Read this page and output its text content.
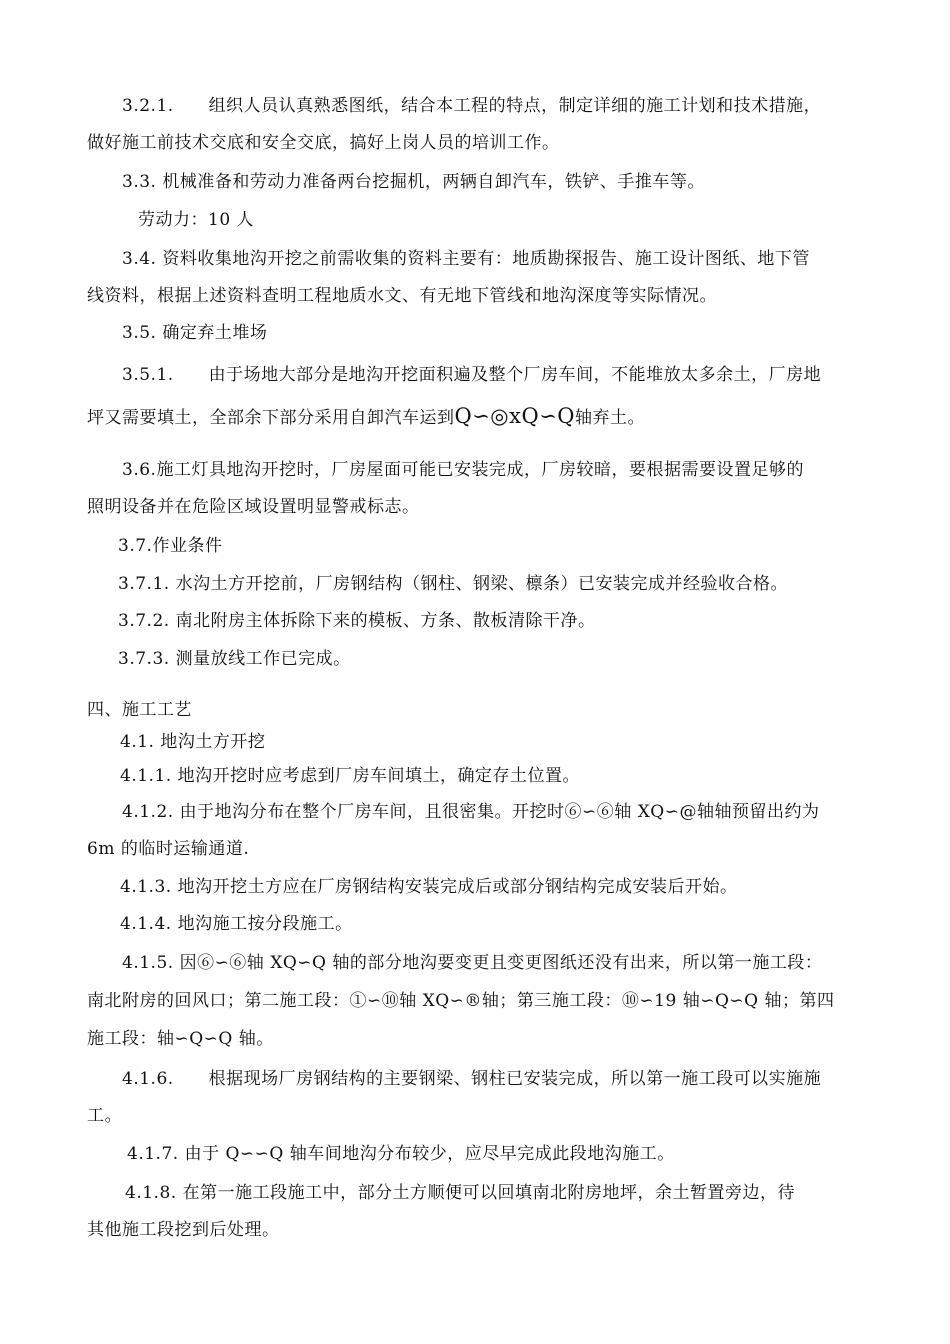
3.2.1.　　组织人员认真熟悉图纸，结合本工程的特点，制定详细的施工计划和技术措施，
做好施工前技术交底和安全交底，搞好上岗人员的培训工作。
3.3. 机械准备和劳动力准备两台挖掘机，两辆自卸汽车，铁铲、手推车等。
劳动力：10 人
3.4. 资料收集地沟开挖之前需收集的资料主要有：地质勘探报告、施工设计图纸、地下管
线资料，根据上述资料查明工程地质水文、有无地下管线和地沟深度等实际情况。
3.5. 确定弃土堆场
3.5.1.　　由于场地大部分是地沟开挖面积遍及整个厂房车间，不能堆放太多余土，厂房地
坪又需要填土，全部余下部分采用自卸汽车运到Q∽◎xQ∽Q轴弃土。
3.6.施工灯具地沟开挖时，厂房屋面可能已安装完成，厂房较暗，要根据需要设置足够的
照明设备并在危险区域设置明显警戒标志。
3.7.作业条件
3.7.1. 水沟土方开挖前，厂房钢结构（钢柱、钢梁、檩条）已安装完成并经验收合格。
3.7.2. 南北附房主体拆除下来的模板、方条、散板清除干净。
3.7.3. 测量放线工作已完成。
四、施工工艺
4.1. 地沟土方开挖
4.1.1. 地沟开挖时应考虑到厂房车间填土，确定存土位置。
4.1.2. 由于地沟分布在整个厂房车间，且很密集。开挖时⑥∽⑥轴 XQ∽@轴轴预留出约为
6m 的临时运输通道.
4.1.3. 地沟开挖土方应在厂房钢结构安装完成后或部分钢结构完成安装后开始。
4.1.4. 地沟施工按分段施工。
4.1.5. 因⑥∽⑥轴 XQ∽Q 轴的部分地沟要变更且变更图纸还没有出来，所以第一施工段：
南北附房的回风口；第二施工段：①∽⑩轴 XQ∽®轴；第三施工段：⑩∽19 轴∽Q∽Q 轴；第四
施工段：轴∽Q∽Q 轴。
4.1.6.　　根据现场厂房钢结构的主要钢梁、钢柱已安装完成，所以第一施工段可以实施施
工。
4.1.7. 由于 Q∽∽Q 轴车间地沟分布较少，应尽早完成此段地沟施工。
4.1.8. 在第一施工段施工中，部分土方顺便可以回填南北附房地坪，余土暂置旁边，待
其他施工段挖到后处理。
